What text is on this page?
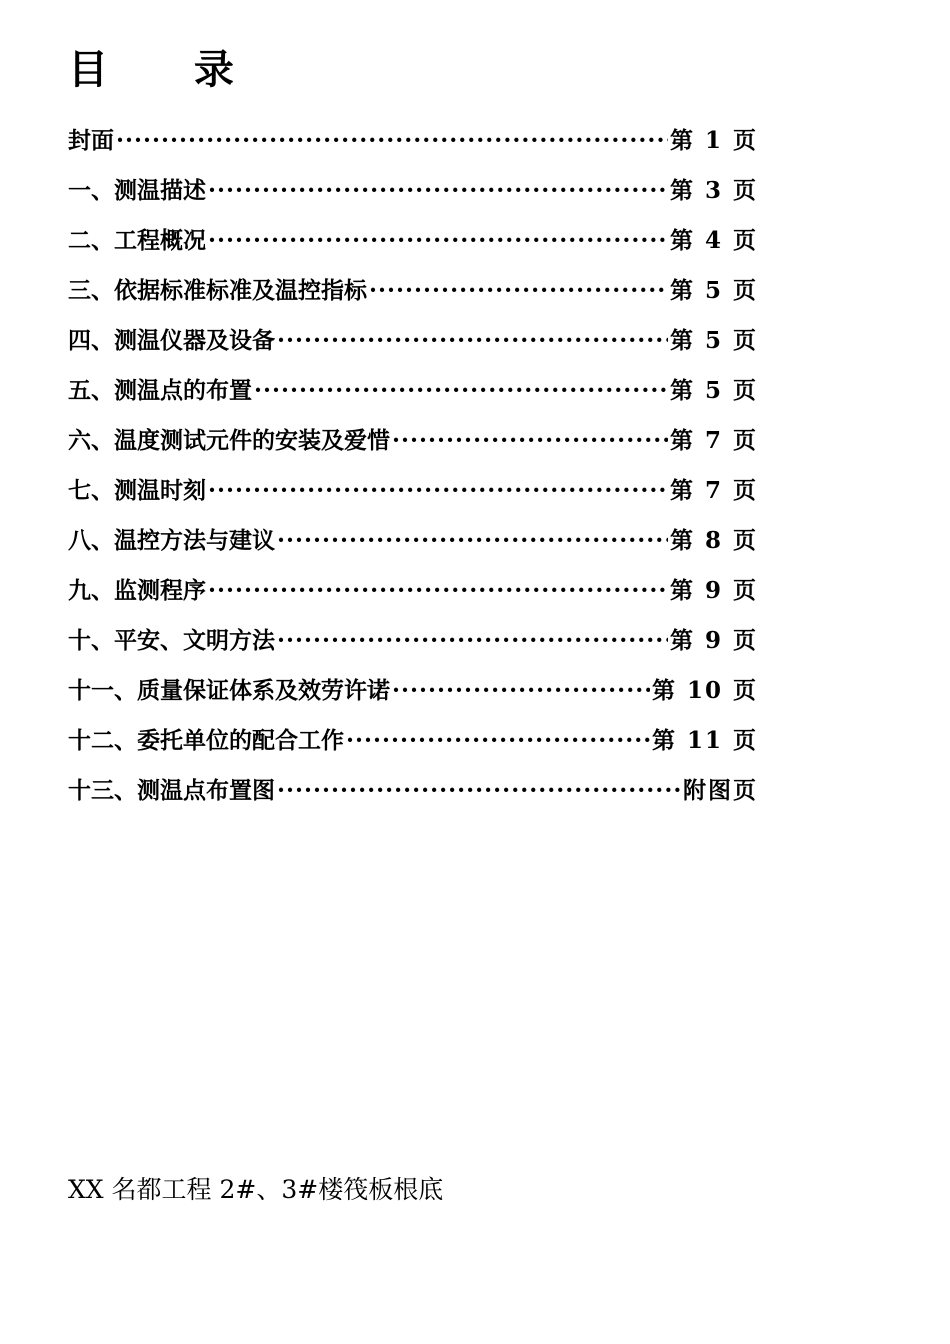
目 录
封面 ·····	第 1 页
一、测温描述 ·····	第 3 页
二、工程概况 ·····	第 4 页
三、依据标准标准及温控指标 ·····	第 5 页
四、测温仪器及设备 ·····	第 5 页
五、测温点的布置 ·····	第 5 页
六、温度测试元件的安装及爱惜 ·····	第 7 页
七、测温时刻 ·····	第 7 页
八、温控方法与建议 ·····	第 8 页
九、监测程序 ·····	第 9 页
十、平安、文明方法 ·····	第 9 页
十一、质量保证体系及效劳许诺 ·····	第 10 页
十二、委托单位的配合工作 ·····	第 11 页
十三、测温点布置图 ·····	附图页
XX 名都工程 2#、3#楼筏板根底
